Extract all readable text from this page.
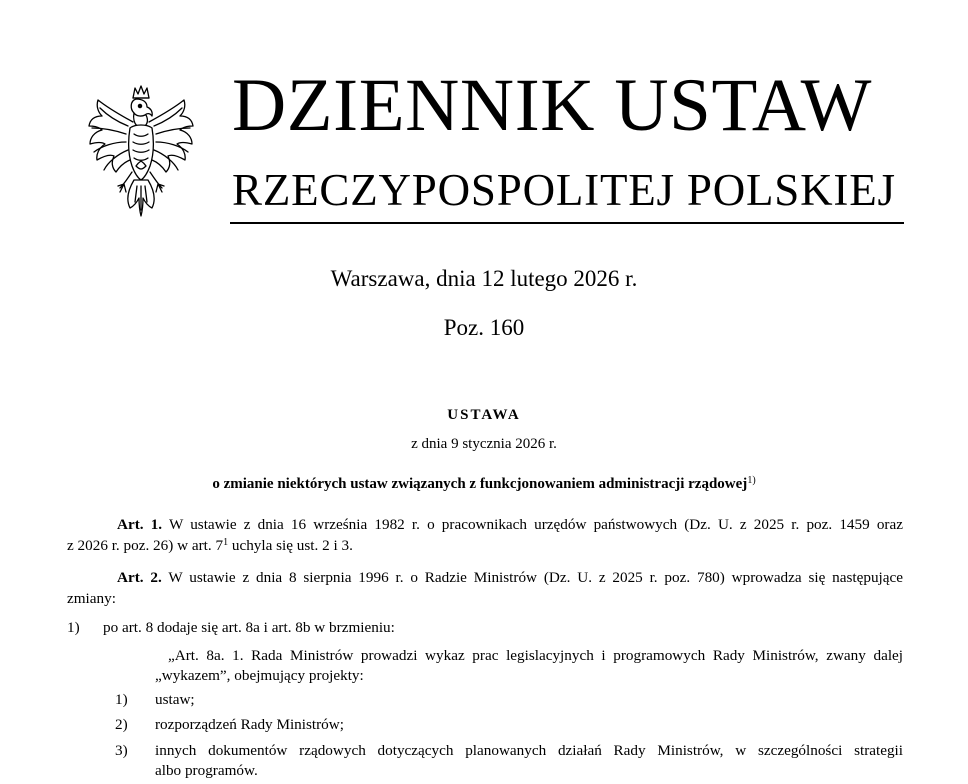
DZIENNIK USTAW
RZECZYPOSPOLITEJ POLSKIEJ
Warszawa, dnia 12 lutego 2026 r.
Poz. 160
USTAWA
z dnia 9 stycznia 2026 r.
o zmianie niektórych ustaw związanych z funkcjonowaniem administracji rządowej$^{1)}$
Art. 1. W ustawie z dnia 16 września 1982 r. o pracownikach urzędów państwowych (Dz. U. z 2025 r. poz. 1459 oraz
z 2026 r. poz. 26) w art. $7^1$ uchyla się ust. 2 i 3.
Art. 2. W ustawie z dnia 8 sierpnia 1996 r. o Radzie Ministrów (Dz. U. z 2025 r. poz. 780) wprowadza się następujące
zmiany:
1) po art. 8 dodaje się art. 8a i art. 8b w brzmieniu:
„Art. 8a. 1. Rada Ministrów prowadzi wykaz prac legislacyjnych i programowych Rady Ministrów, zwany dalej
„wykazem”, obejmujący projekty:
1) ustaw;
2) rozporządzeń Rady Ministrów;
3) innych dokumentów rządowych dotyczących planowanych działań Rady Ministrów, w szczególności strategii
albo programów.
